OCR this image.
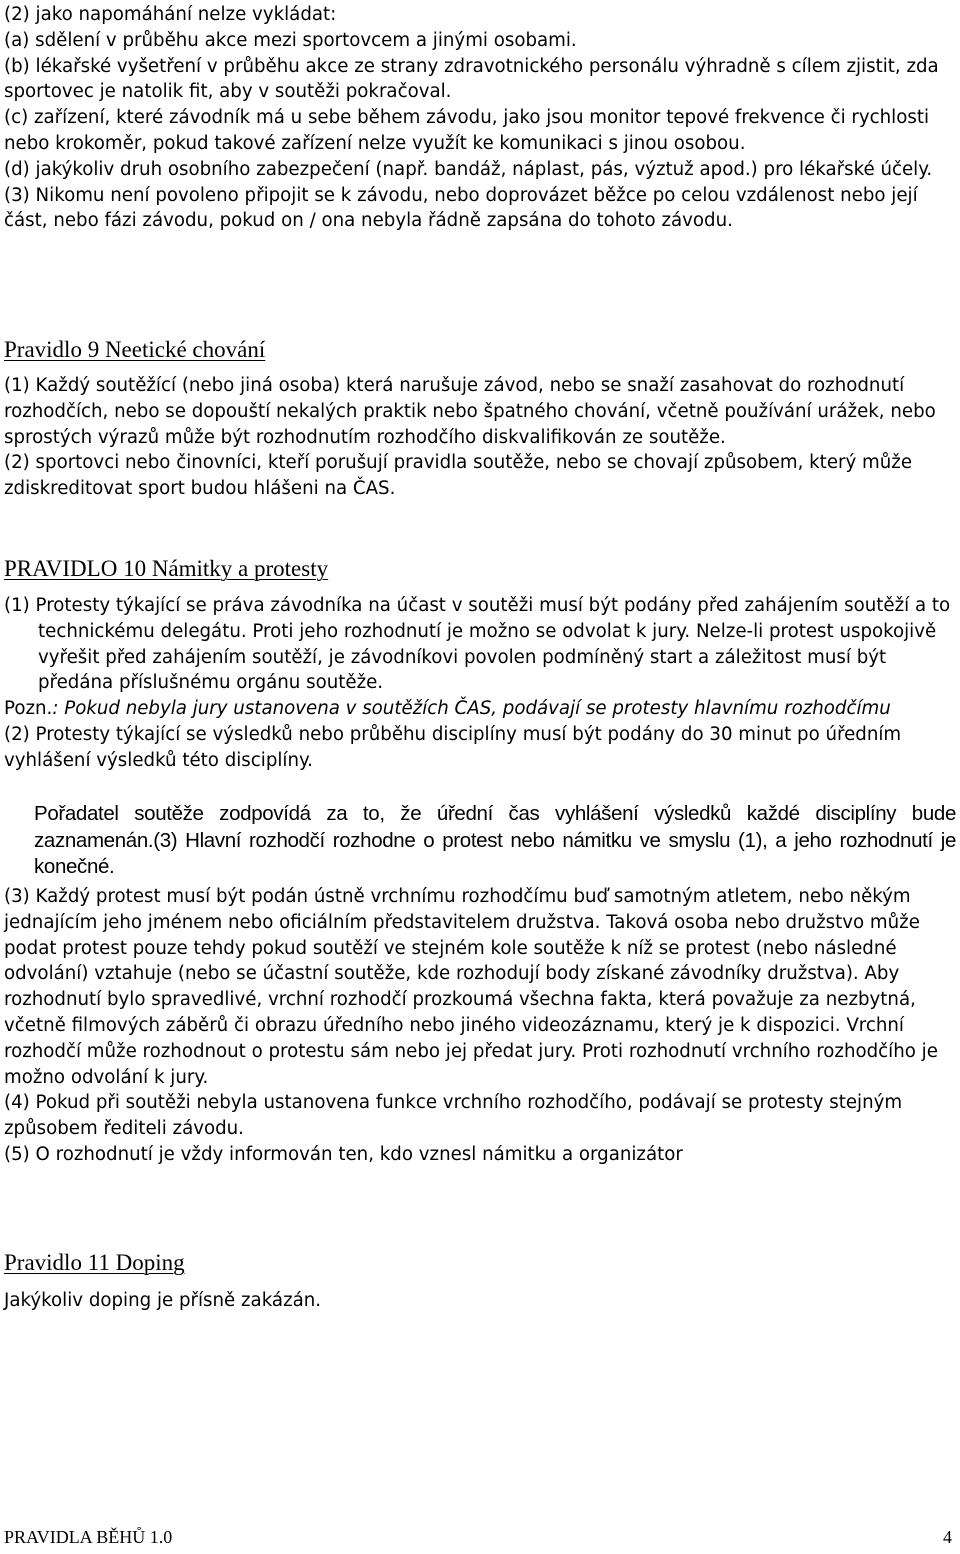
(2) jako napomáhání nelze vykládat:

(a) sdělení v průběhu akce mezi sportovcem a jinými osobami.

(b) lékařské vyšetření v průběhu akce ze strany zdravotnického personálu výhradně s cílem zjistit, zda sportovec je natolik fit, aby v soutěži pokračoval.

(c) zařízení, které závodník má u sebe během závodu, jako jsou monitor tepové frekvence či rychlosti nebo krokoměr, pokud takové zařízení nelze využít ke komunikaci s jinou osobou.

(d) jakýkoliv druh osobního zabezpečení (např. bandáž, náplast, pás, výztuž apod.) pro lékařské účely.

(3) Nikomu není povoleno připojit se k závodu, nebo doprovázet běžce po celou vzdálenost nebo její část, nebo fázi závodu, pokud on / ona nebyla řádně zapsána do tohoto závodu.

Pravidlo 9 Neetické chování

(1) Každý soutěžící (nebo jiná osoba) která narušuje závod, nebo se snaží zasahovat do rozhodnutí rozhodčích, nebo se dopouští nekalých praktik nebo špatného chování, včetně používání urážek, nebo sprostých výrazů může být rozhodnutím rozhodčího diskvalifikován ze soutěže.

(2) sportovci nebo činovníci, kteří porušují pravidla soutěže, nebo se chovají způsobem, který může zdiskreditovat sport budou hlášeni na ČAS.

PRAVIDLO 10 Námitky a protesty

(1) Protesty týkající se práva závodníka na účast v soutěži musí být podány před zahájením soutěží a to technickému delegátu. Proti jeho rozhodnutí je možno se odvolat k jury. Nelze-li protest uspokojivě vyřešit před zahájením soutěží, je závodníkovi povolen podmíněný start a záležitost musí být předána příslušnému orgánu soutěže.

Pozn.: Pokud nebyla jury ustanovena v soutěžích ČAS, podávají se protesty hlavnímu rozhodčímu

(2) Protesty týkající se výsledků nebo průběhu disciplíny musí být podány do 30 minut po úředním vyhlášení výsledků této disciplíny.

Pořadatel soutěže zodpovídá za to, že úřední čas vyhlášení výsledků každé disciplíny bude zaznamenán.(3) Hlavní rozhodčí rozhodne o protest nebo námitku ve smyslu (1), a jeho rozhodnutí je konečné.

(3) Každý protest musí být podán ústně vrchnímu rozhodčímu buď samotným atletem, nebo někým jednajícím jeho jménem nebo oficiálním představitelem družstva. Taková osoba nebo družstvo může podat protest pouze tehdy pokud soutěží ve stejném kole soutěže k níž se protest (nebo následné odvolání) vztahuje (nebo se účastní soutěže, kde rozhodují body získané závodníky družstva). Aby rozhodnutí bylo spravedlivé, vrchní rozhodčí prozkoumá všechna fakta, která považuje za nezbytná, včetně filmových záběrů či obrazu úředního nebo jiného videozáznamu, který je k dispozici. Vrchní rozhodčí může rozhodnout o protestu sám nebo jej předat jury. Proti rozhodnutí vrchního rozhodčího je možno odvolání k jury.

(4) Pokud při soutěži nebyla ustanovena funkce vrchního rozhodčího, podávají se protesty stejným způsobem řediteli závodu.

(5) O rozhodnutí je vždy informován ten, kdo vznesl námitku a organizátor

Pravidlo 11 Doping

Jakýkoliv doping je přísně zakázán.

PRAVIDLA BĚHŮ 1.0	4
